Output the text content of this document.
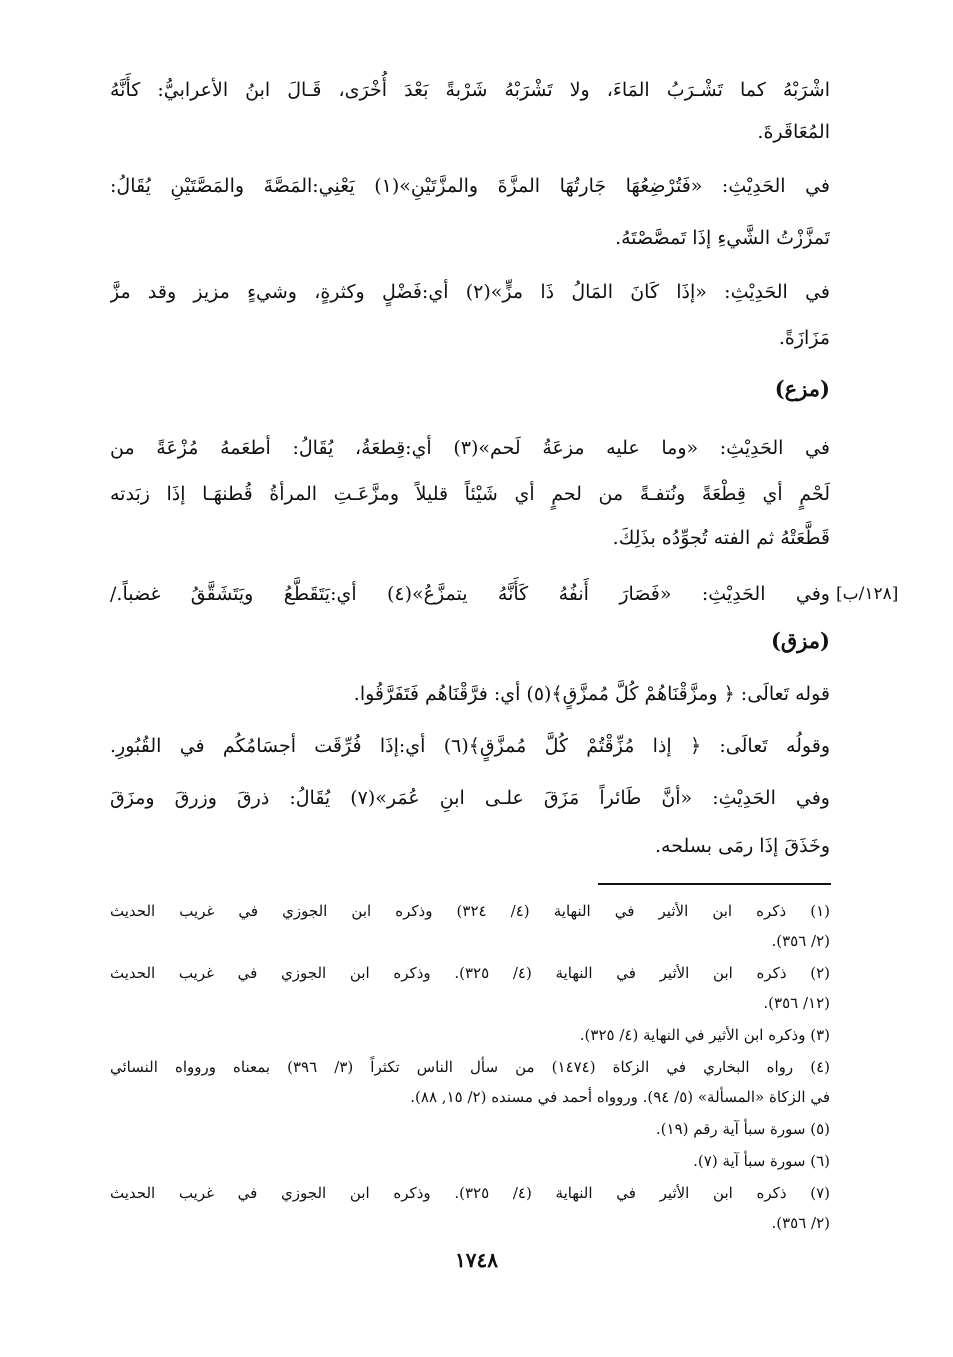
اشْرَبْهُ كما تَشْـرَبُ المَاءَ، ولا تَشْرَبْهُ شَرْبةً بَعْدَ أُخْرَى، قَـالَ ابنُ الأعرابيُّ: كأَنَّهُ
المُعَاقَرةَ.
في الحَدِيْثِ: «فَتُرْضِعُهَا جَارتُهَا المزَّةَ والمزَّتَيْنِ»(١) يَعْنِي:المَصَّةَ والمَصَّتَيْنِ يُقَالُ:
تَمزَّزْتُ الشَّيءِ إذَا تَمصَّصْتَهُ.
في الحَدِيْثِ: «إذَا كَانَ المَالُ ذَا مزٍّ»(٢) أي:فَضْلٍ وكثرةٍ، وشيءٍ مزيز وقد مزَّ
مَزَازَةً.
(مزع)
في الحَدِيْثِ: «وما عليه مزعَةُ لَحم»(٣) أي:قِطعَةُ، يُقَالُ: أطعَمهُ مُزْعَةً من
لَحْمٍ أي قِطْعَةً ونُتفـةً من لحمٍ أي شَيْئاً قليلاً ومزَّعَـتِ المرأةُ قُطنهَـا إذَا زبَدته
قَطَّعَتْهُ ثم الفته تُجوِّدُه بذَلِكَ.
وفي الحَدِيْثِ: «فَصَارَ أَنفُهُ كَأَنَّهُ يتمزَّعُ»(٤) أي:يَتَقَطَّعُ ويَتَشَقَّقُ غضباً./
(مزق)
قوله تَعالَى: ﴿ ومزَّقْنَاهُمْ كُلَّ مُمزَّقٍ﴾(٥) أي: فرَّقْنَاهُم فَتَفَرَّقُوا.
وقولُه تَعالَى: ﴿ إذا مُزِّقْتُمْ كُلَّ مُمزَّقٍ﴾(٦) أي:إذَا فُرِّقَت أجسَامُكُم في القُبُورِ.
وفي الحَدِيْثِ: «أنَّ طَائراً مَزَقَ علـى ابنِ عُمَر»(٧) يُقَالُ: ذرقَ وزرقَ ومزَقَ
وخَذَقَ إذَا رمَى بسلحه.
[١٢٨/ب]
(١) ذكره ابن الأثير في النهاية (٤/ ٣٢٤) وذكره ابن الجوزي في غريب الحديث
(٢/ ٣٥٦).
(٢) ذكره ابن الأثير في النهاية (٤/ ٣٢٥). وذكره ابن الجوزي في غريب الحديث
(١٢/ ٣٥٦).
(٣) وذكره ابن الأثير في النهاية (٤/ ٣٢٥).
(٤) رواه البخاري في الزكاة (١٤٧٤) من سأل الناس تكثراً (٣/ ٣٩٦) بمعناه وروواه النسائي
في الزكاة «المسألة» (٥/ ٩٤). وروواه أحمد في مسنده (٢/ ١٥, ٨٨).
(٥) سورة سبأ آية رقم (١٩).
(٦) سورة سبأ آية (٧).
(٧) ذكره ابن الأثير في النهاية (٤/ ٣٢٥). وذكره ابن الجوزي في غريب الحديث
(٢/ ٣٥٦).
١٧٤٨
